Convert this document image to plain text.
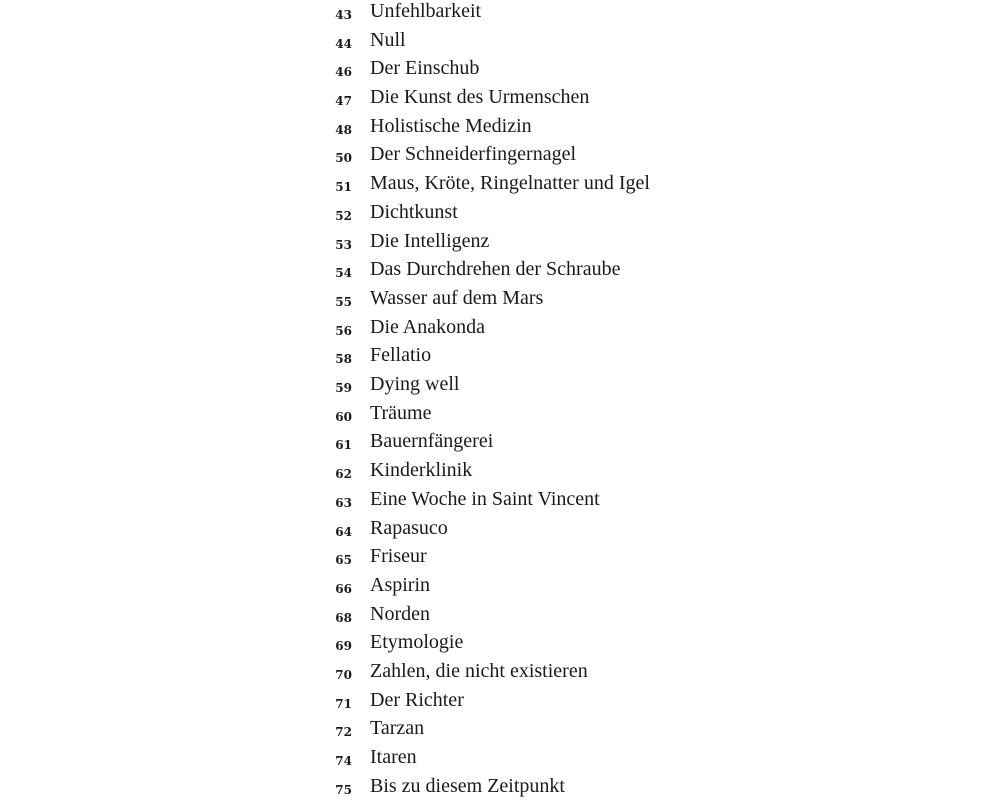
43 Unfehlbarkeit
44 Null
46 Der Einschub
47 Die Kunst des Urmenschen
48 Holistische Medizin
50 Der Schneiderfingernagel
51 Maus, Kröte, Ringelnatter und Igel
52 Dichtkunst
53 Die Intelligenz
54 Das Durchdrehen der Schraube
55 Wasser auf dem Mars
56 Die Anakonda
58 Fellatio
59 Dying well
60 Träume
61 Bauernfängerei
62 Kinderklinik
63 Eine Woche in Saint Vincent
64 Rapasuco
65 Friseur
66 Aspirin
68 Norden
69 Etymologie
70 Zahlen, die nicht existieren
71 Der Richter
72 Tarzan
74 Itaren
75 Bis zu diesem Zeitpunkt
